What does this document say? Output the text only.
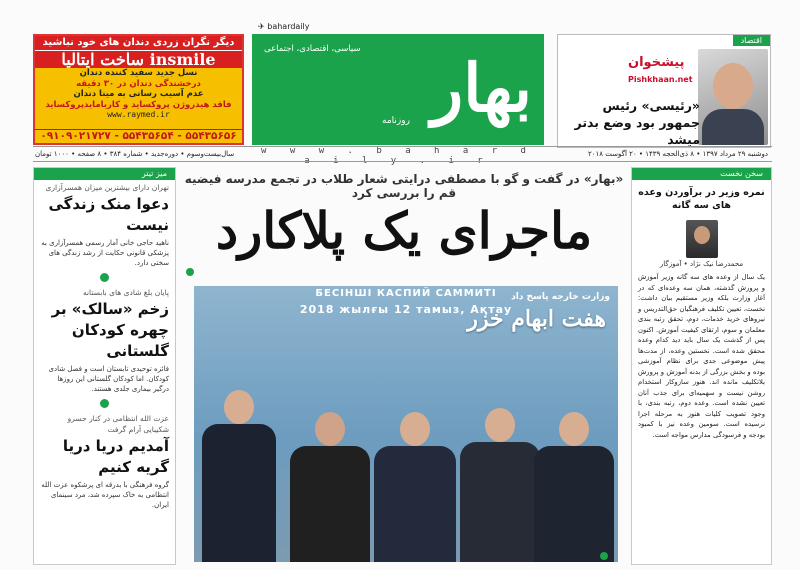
دیگر نگران زردی دندان های خود نباشید
ساخت ایتالیا insmile
نسل جدید سفید کننده دندان
درخشندگی دندان در ۳۰ دقیقه
عدم آسیب رسانی به مینا دندان
فاقد هیدروژن پروکساید و کاربامایدپروکساید
www.raymed.ir
۰۹۱۰۹۰۲۱۷۲۷ - ۵۵۴۳۵۶۵۴ - ۵۵۴۳۵۶۵۶
✈ bahardaily
بهار
سیاسی، اقتصادی، اجتماعی
روزنامه
w w w . b a h a r d a i l y . i r
اقتصاد
پیشخوان
Pishkhaan.net
«رئیسی» رئیس جمهور بود وضع بدتر میشد
دوشنبه ۲۹ مرداد ۱۳۹۷ • ۸ ذی‌الحجه ۱۴۳۹ • ۲۰ آگوست ۲۰۱۸
سال‌بیست‌وسوم • دوره‌جدید • شماره ۳۸۴ • ۸ صفحه • ۱۰۰۰ تومان
میز تیتر
تهران دارای بیشترین میزان همسرآزاری
دعوا منک زندگی نیست
ناهید حاجی خانی آمار رسمی همسرآزاری به پزشکی قانونی حکایت از رشد زندگی های سختی دارد.
پایان بلغ شادی های بابستانه
زخم «سالک» بر چهره کودکان گلستانی
فائزه توحیدی تابستان است و فصل شادی کودکان. اما کودکان گلستانی این روزها درگیر بیماری جلدی هستند.
عزت الله انتظامی در کنار حسرو شکیبایی آرام گرفت
آمدیم دریا دریا گریه کنیم
گروه فرهنگی با بدرقه ای پرشکوه عزت الله انتظامی به خاک سپرده شد، مرد سینمای ایران.
«بهار» در گفت و گو با مصطفی درایتی شعار طلاب در تجمع مدرسه فیضیه قم را بررسی کرد
ماجرای یک پلاکارد
БЕСІНШІ КАСПИЙ САММИТІ
2018 жылғы 12 тамыз, Ақтау
وزارت خارجه پاسخ داد
هفت ابهام خزر
سخن نخست
نمره وزیر در برآوردن وعده های سه گانه
محمدرضا نیک نژاد • آموزگار
یک سال از وعده های سه گانه وزیر آموزش و پرورش گذشته، همان سه وعده‌ای که در آغاز وزارت بلکه وزیر مستقیم بیان داشت: نخست، تعیین تکلیف فرهنگیان حق‌التدریس و نیروهای خرید خدمات، دوم، تحقق رتبه بندی معلمان و سوم، ارتقای کیفیت آموزش. اکنون پس از گذشت یک سال باید دید کدام وعده محقق شده است. نخستین وعده، از مدت‌ها پیش موضوعی جدی برای نظام آموزشی بوده و بخش بزرگی از بدنه آموزش و پرورش بلاتکلیف مانده اند. هنوز سازوکار استخدام روشن نیست و سهمیه‌ای برای جذب آنان تعیین نشده است. وعده دوم، رتبه بندی، با وجود تصویب کلیات هنوز به مرحله اجرا نرسیده است. سومین وعده نیز با کمبود بودجه و فرسودگی مدارس مواجه است.
